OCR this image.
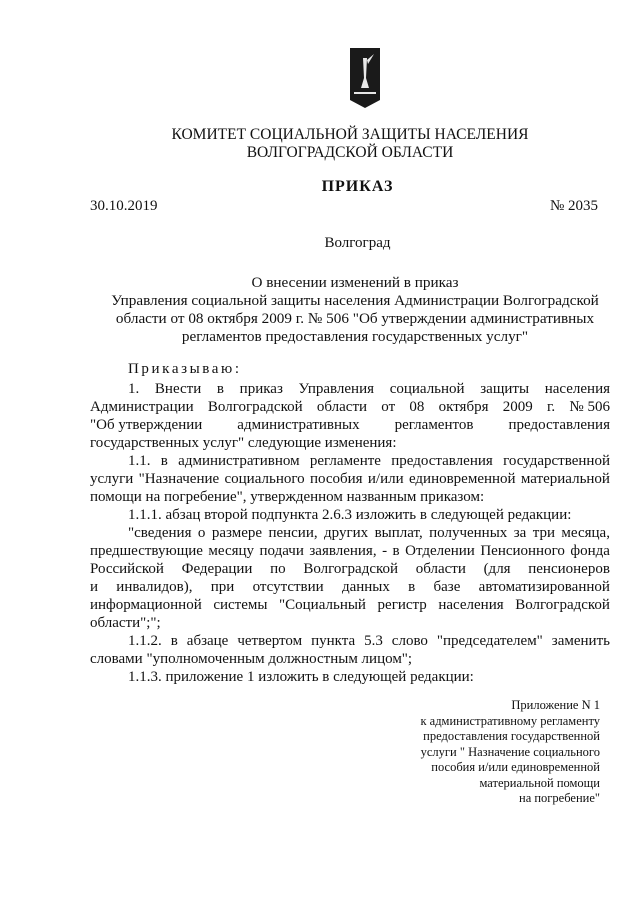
КОМИТЕТ СОЦИАЛЬНОЙ ЗАЩИТЫ НАСЕЛЕНИЯ
ВОЛГОГРАДСКОЙ ОБЛАСТИ
ПРИКАЗ
30.10.2019	№ 2035
Волгоград
О внесении изменений в приказ
Управления социальной защиты населения Администрации Волгоградской
области от 08 октября 2009 г. № 506 "Об утверждении административных
регламентов предоставления государственных услуг"
Приказываю:
1. Внести в приказ Управления социальной защиты населения
Администрации Волгоградской области от 08 октября 2009 г. № 506
"Об утверждении административных регламентов предоставления
государственных услуг" следующие изменения:
1.1. в административном регламенте предоставления государственной
услуги "Назначение социального пособия и/или единовременной материальной
помощи на погребение", утвержденном названным приказом:
1.1.1. абзац второй подпункта 2.6.3 изложить в следующей редакции:
"сведения о размере пенсии, других выплат, полученных за три месяца,
предшествующие месяцу подачи заявления, - в Отделении Пенсионного фонда
Российской Федерации по Волгоградской области (для пенсионеров
и инвалидов), при отсутствии данных в базе автоматизированной
информационной системы "Социальный регистр населения Волгоградской
области";";
1.1.2. в абзаце четвертом пункта 5.3 слово "председателем" заменить
словами "уполномоченным должностным лицом";
1.1.3. приложение 1 изложить в следующей редакции:
Приложение N 1
к административному регламенту
предоставления государственной
услуги " Назначение социального
пособия и/или единовременной
материальной помощи
на погребение"
